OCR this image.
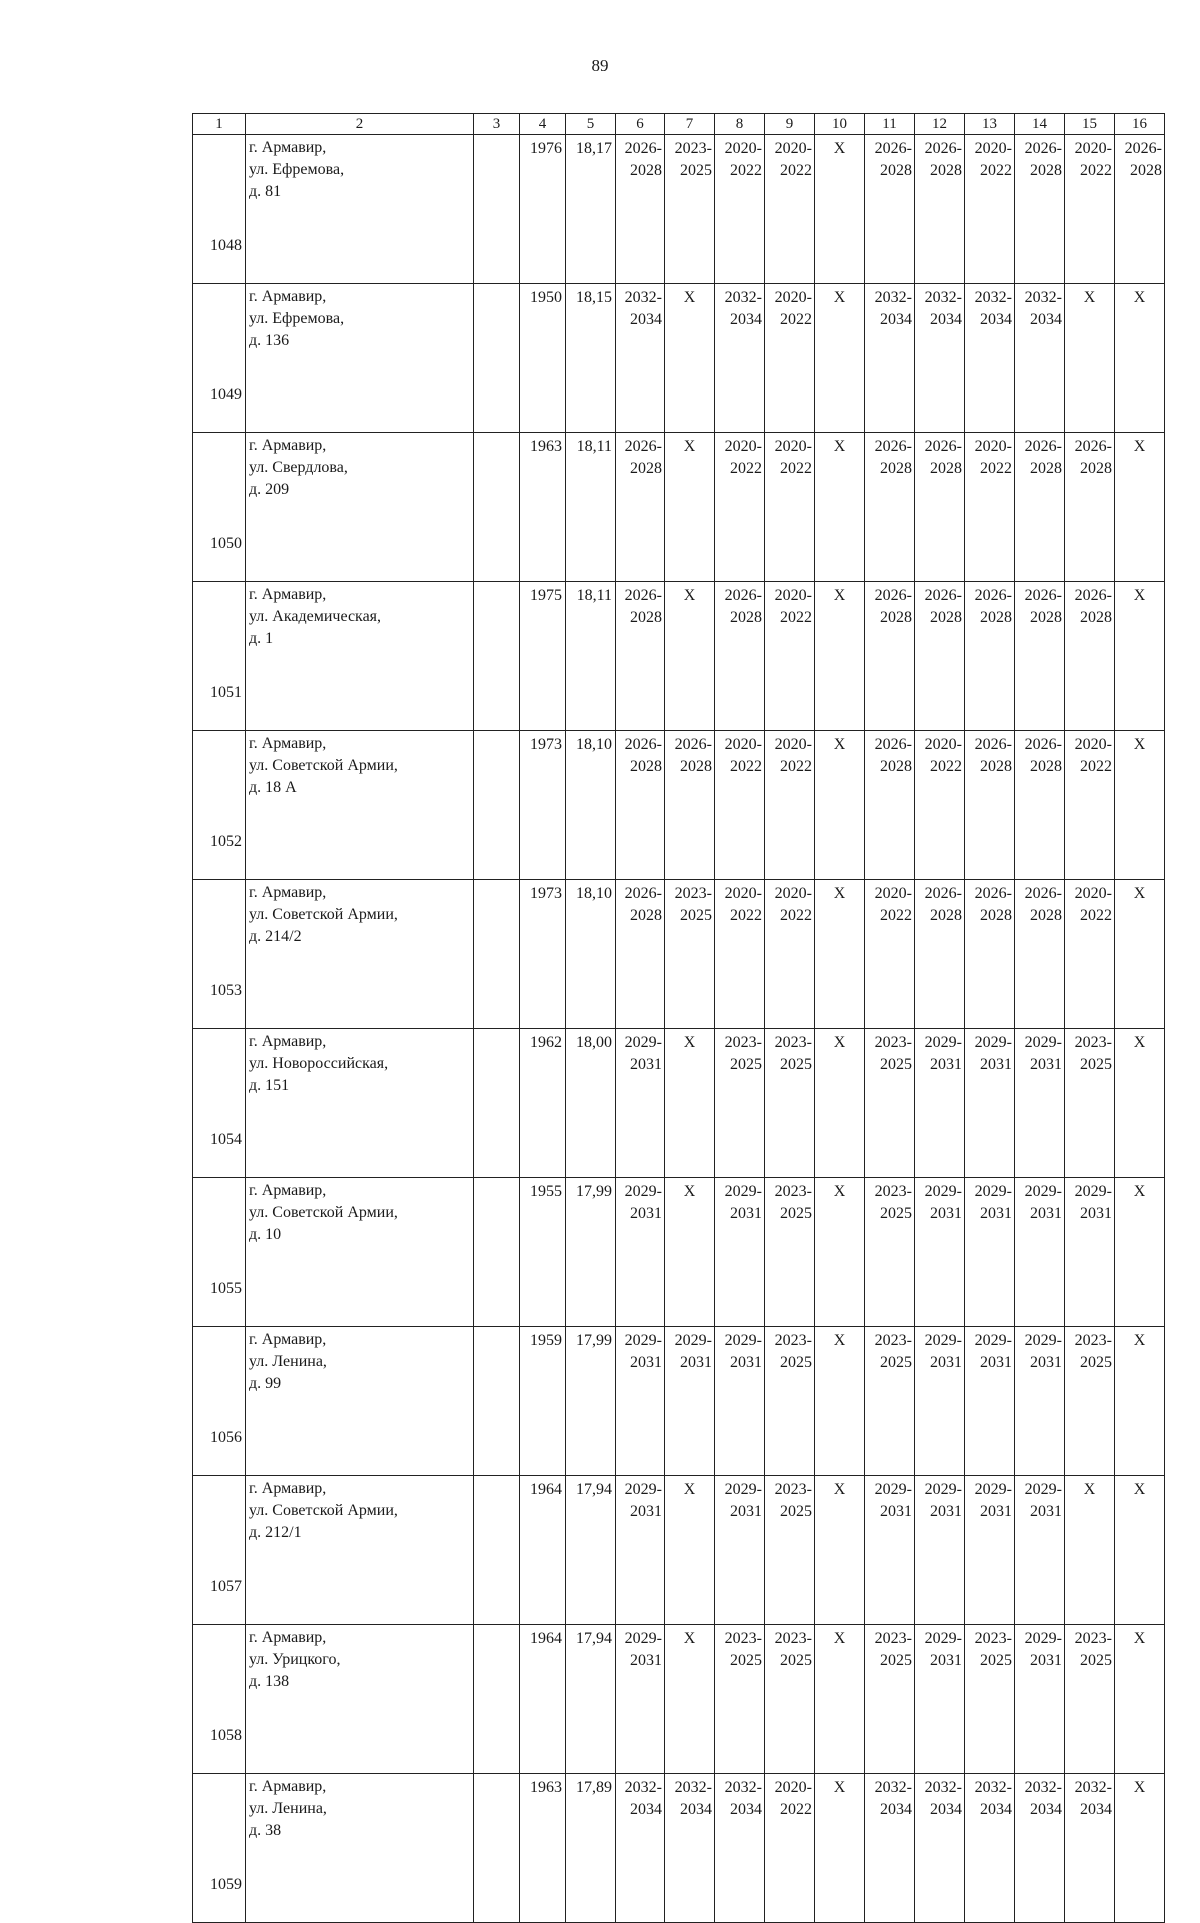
89
1	2	3	4	5	6	7	8	9	10	11	12	13	14	15	16
1048	г. Армавир,
ул. Ефремова,
д. 81		1976	18,17	2026-
2028	2023-
2025	2020-
2022	2020-
2022	X	2026-
2028	2026-
2028	2020-
2022	2026-
2028	2020-
2022	2026-
2028

1049	г. Армавир,
ул. Ефремова,
д. 136		1950	18,15	2032-
2034	X	2032-
2034	2020-
2022	X	2032-
2034	2032-
2034	2032-
2034	2032-
2034	X	X
1050	г. Армавир,
ул. Свердлова,
д. 209		1963	18,11	2026-
2028	X	2020-
2022	2020-
2022	X	2026-
2028	2026-
2028	2020-
2022	2026-
2028	2026-
2028	X
1051	г. Армавир,
ул. Академическая,
д. 1		1975	18,11	2026-
2028	X	2026-
2028	2020-
2022	X	2026-
2028	2026-
2028	2026-
2028	2026-
2028	2026-
2028	X
1052	г. Армавир,
ул. Советской Армии,
д. 18 А		1973	18,10	2026-
2028	2026-
2028	2020-
2022	2020-
2022	X	2026-
2028	2020-
2022	2026-
2028	2026-
2028	2020-
2022	X
1053	г. Армавир,
ул. Советской Армии,
д. 214/2		1973	18,10	2026-
2028	2023-
2025	2020-
2022	2020-
2022	X	2020-
2022	2026-
2028	2026-
2028	2026-
2028	2020-
2022	X
1054	г. Армавир,
ул. Новороссийская,
д. 151		1962	18,00	2029-
2031	X	2023-
2025	2023-
2025	X	2023-
2025	2029-
2031	2029-
2031	2029-
2031	2023-
2025	X
1055	г. Армавир,
ул. Советской Армии,
д. 10		1955	17,99	2029-
2031	X	2029-
2031	2023-
2025	X	2023-
2025	2029-
2031	2029-
2031	2029-
2031	2029-
2031	X
1056	г. Армавир,
ул. Ленина,
д. 99		1959	17,99	2029-
2031	2029-
2031	2029-
2031	2023-
2025	X	2023-
2025	2029-
2031	2029-
2031	2029-
2031	2023-
2025	X
1057	г. Армавир,
ул. Советской Армии,
д. 212/1		1964	17,94	2029-
2031	X	2029-
2031	2023-
2025	X	2029-
2031	2029-
2031	2029-
2031	2029-
2031	X	X
1058	г. Армавир,
ул. Урицкого,
д. 138		1964	17,94	2029-
2031	X	2023-
2025	2023-
2025	X	2023-
2025	2029-
2031	2023-
2025	2029-
2031	2023-
2025	X
1059	г. Армавир,
ул. Ленина,
д. 38		1963	17,89	2032-
2034	2032-
2034	2032-
2034	2020-
2022	X	2032-
2034	2032-
2034	2032-
2034	2032-
2034	2032-
2034	X
